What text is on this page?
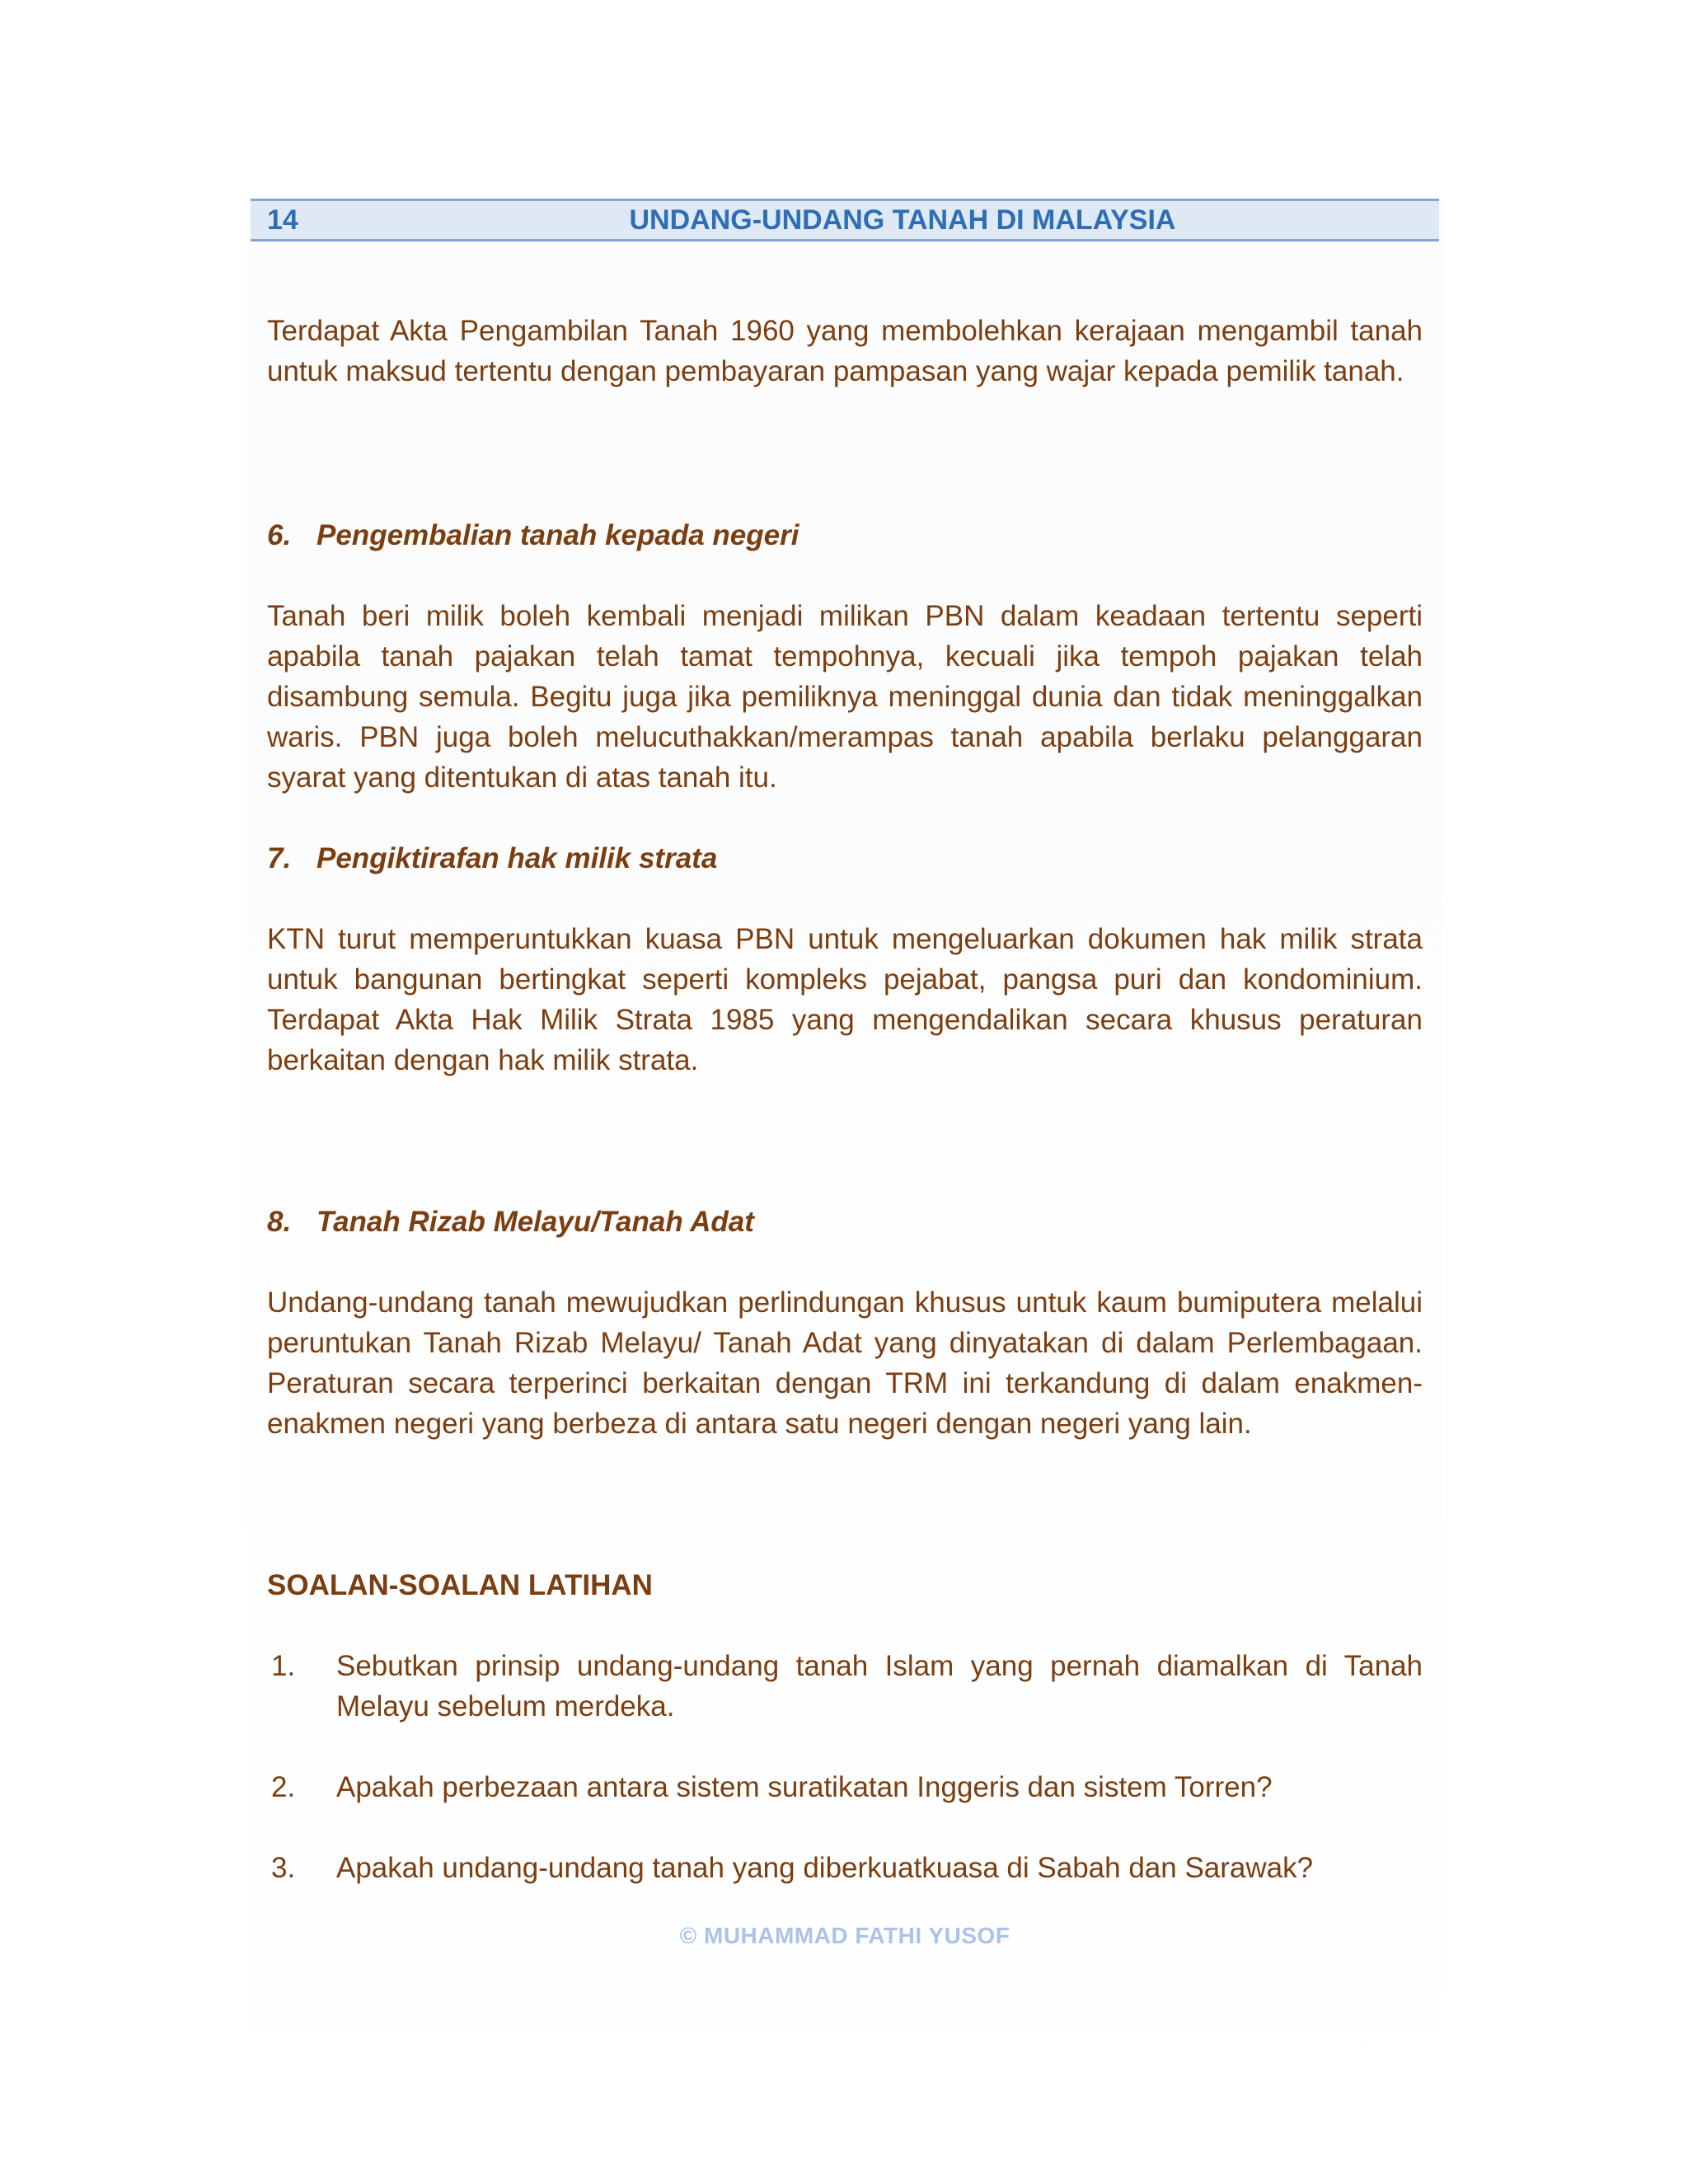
14	UNDANG-UNDANG TANAH DI MALAYSIA

Terdapat Akta Pengambilan Tanah 1960 yang membolehkan kerajaan mengambil tanah untuk maksud tertentu dengan pembayaran pampasan yang wajar kepada pemilik tanah.

6. Pengembalian tanah kepada negeri

Tanah beri milik boleh kembali menjadi milikan PBN dalam keadaan tertentu seperti apabila tanah pajakan telah tamat tempohnya, kecuali jika tempoh pajakan telah disambung semula. Begitu juga jika pemiliknya meninggal dunia dan tidak meninggalkan waris. PBN juga boleh melucuthakkan/merampas tanah apabila berlaku pelanggaran syarat yang ditentukan di atas tanah itu.

7. Pengiktirafan hak milik strata

KTN turut memperuntukkan kuasa PBN untuk mengeluarkan dokumen hak milik strata untuk bangunan bertingkat seperti kompleks pejabat, pangsa puri dan kondominium. Terdapat Akta Hak Milik Strata 1985 yang mengendalikan secara khusus peraturan berkaitan dengan hak milik strata.

8. Tanah Rizab Melayu/Tanah Adat

Undang-undang tanah mewujudkan perlindungan khusus untuk kaum bumiputera melalui peruntukan Tanah Rizab Melayu/ Tanah Adat yang dinyatakan di dalam Perlembagaan. Peraturan secara terperinci berkaitan dengan TRM ini terkandung di dalam enakmen-enakmen negeri yang berbeza di antara satu negeri dengan negeri yang lain.

SOALAN-SOALAN LATIHAN
1. Sebutkan prinsip undang-undang tanah Islam yang pernah diamalkan di Tanah Melayu sebelum merdeka.
2. Apakah perbezaan antara sistem suratikatan Inggeris dan sistem Torren?
3. Apakah undang-undang tanah yang diberkuatkuasa di Sabah dan Sarawak?
© MUHAMMAD FATHI YUSOF
